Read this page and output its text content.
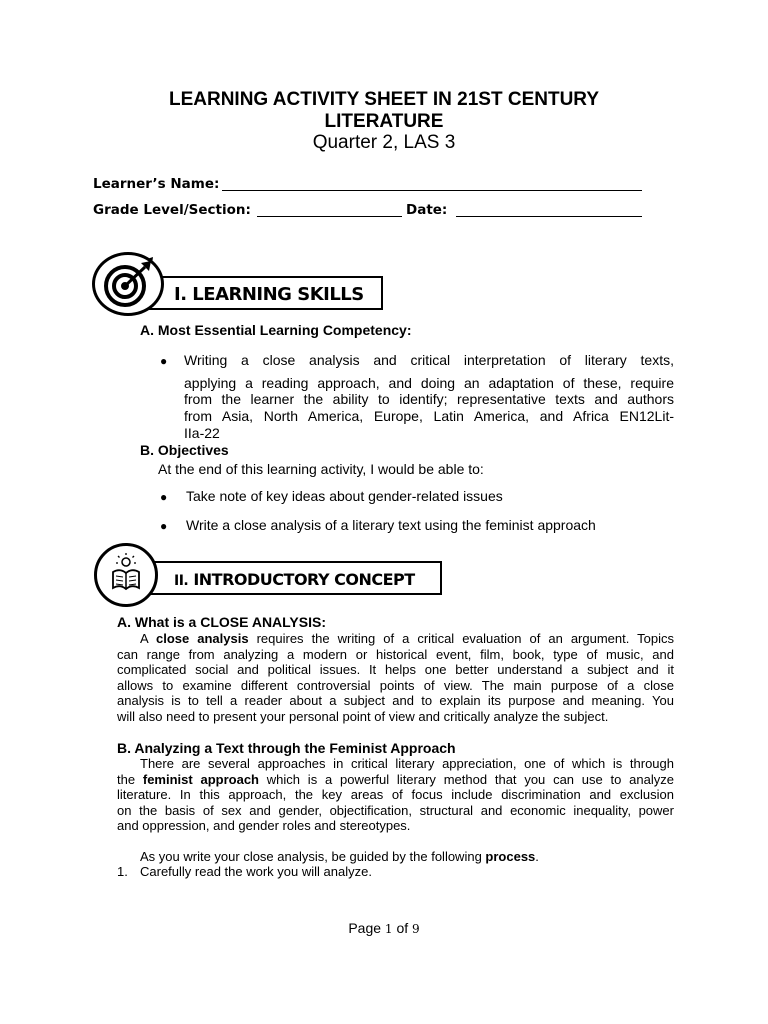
LEARNING ACTIVITY SHEET IN 21ST CENTURY
LITERATURE
Quarter 2, LAS 3
Learner’s Name:
Grade Level/Section:	Date:
I. LEARNING SKILLS
A. Most Essential Learning Competency:
● Writing a close analysis and critical interpretation of literary texts,
applying a reading approach, and doing an adaptation of these, require
from the learner the ability to identify; representative texts and authors
from Asia, North America, Europe, Latin America, and Africa EN12Lit-
IIa-22
B. Objectives
At the end of this learning activity, I would be able to:
● Take note of key ideas about gender-related issues
● Write a close analysis of a literary text using the feminist approach
II. INTRODUCTORY CONCEPT
A. What is a CLOSE ANALYSIS:
A close analysis requires the writing of a critical evaluation of an argument. Topics
can range from analyzing a modern or historical event, film, book, type of music, and
complicated social and political issues. It helps one better understand a subject and it
allows to examine different controversial points of view. The main purpose of a close
analysis is to tell a reader about a subject and to explain its purpose and meaning. You
will also need to present your personal point of view and critically analyze the subject.
B. Analyzing a Text through the Feminist Approach
There are several approaches in critical literary appreciation, one of which is through
the feminist approach which is a powerful literary method that you can use to analyze
literature. In this approach, the key areas of focus include discrimination and exclusion
on the basis of sex and gender, objectification, structural and economic inequality, power
and oppression, and gender roles and stereotypes.
As you write your close analysis, be guided by the following process.
1. Carefully read the work you will analyze.
Page 1 of 9
